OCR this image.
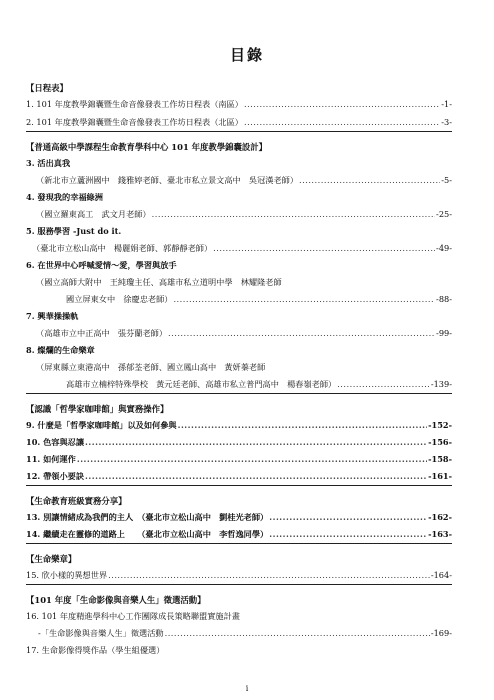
目錄
【日程表】
1. 101 年度教學錦囊暨生命音像發表工作坊日程表（南區） .....	-1-
2. 101 年度教學錦囊暨生命音像發表工作坊日程表（北區） .....	-3-
【普通高級中學課程生命教育學科中心 101 年度教學錦囊設計】
3. 活出真我
（新北市立蘆洲國中　錢雅婷老師、臺北市私立景文高中　吳冠漢老師） .....	-5-
4. 發現我的幸福綠洲
（國立羅東高工　武文月老師） .....	-25-
5. 服務學習 -Just do it.
（臺北市立松山高中　楊麗娟老師、郭靜靜老師） .....	-49-
6. 在世界中心呼喊愛情～愛，學習與放手
（國立高師大附中　王純瓊主任、高雄市私立道明中學　林耀隆老師
國立屏東女中　徐慶忠老師） .....	-88-
7. 興華操操軌
（高雄市立中正高中　張芬蘭老師） .....	-99-
8. 燦爛的生命樂章
（屏東縣立東港高中　孫郁荃老師、國立鳳山高中　黃妍蓁老師
高雄市立楠梓特殊學校　黃元廷老師、高雄市私立普門高中　楊春嶺老師） .....	-139-
【認識「哲學家咖啡館」與實務操作】
9. 什麼是「哲學家咖啡館」以及如何參與 .....	-152-
10. 色容與忍讓 .....	-156-
11. 如何運作 .....	-158-
12. 帶領小要訣 .....	-161-
【生命教育班級實務分享】
13. 別讓情緒成為我們的主人　（臺北市立松山高中　劉桂光老師） .....	-162-
14. 繼續走在靈修的道路上　　（臺北市立松山高中　李哲逸同學） .....	-163-
【生命樂章】
15. 欣小樣的異想世界 .....	-164-
【101 年度「生命影像與音樂人生」徵選活動】
16. 101 年度精進學科中心工作團隊成長策略聯盟實施計畫
-「生命影像與音樂人生」徵選活動 .....	-169-
17. 生命影像得獎作品（學生組優選）
i
